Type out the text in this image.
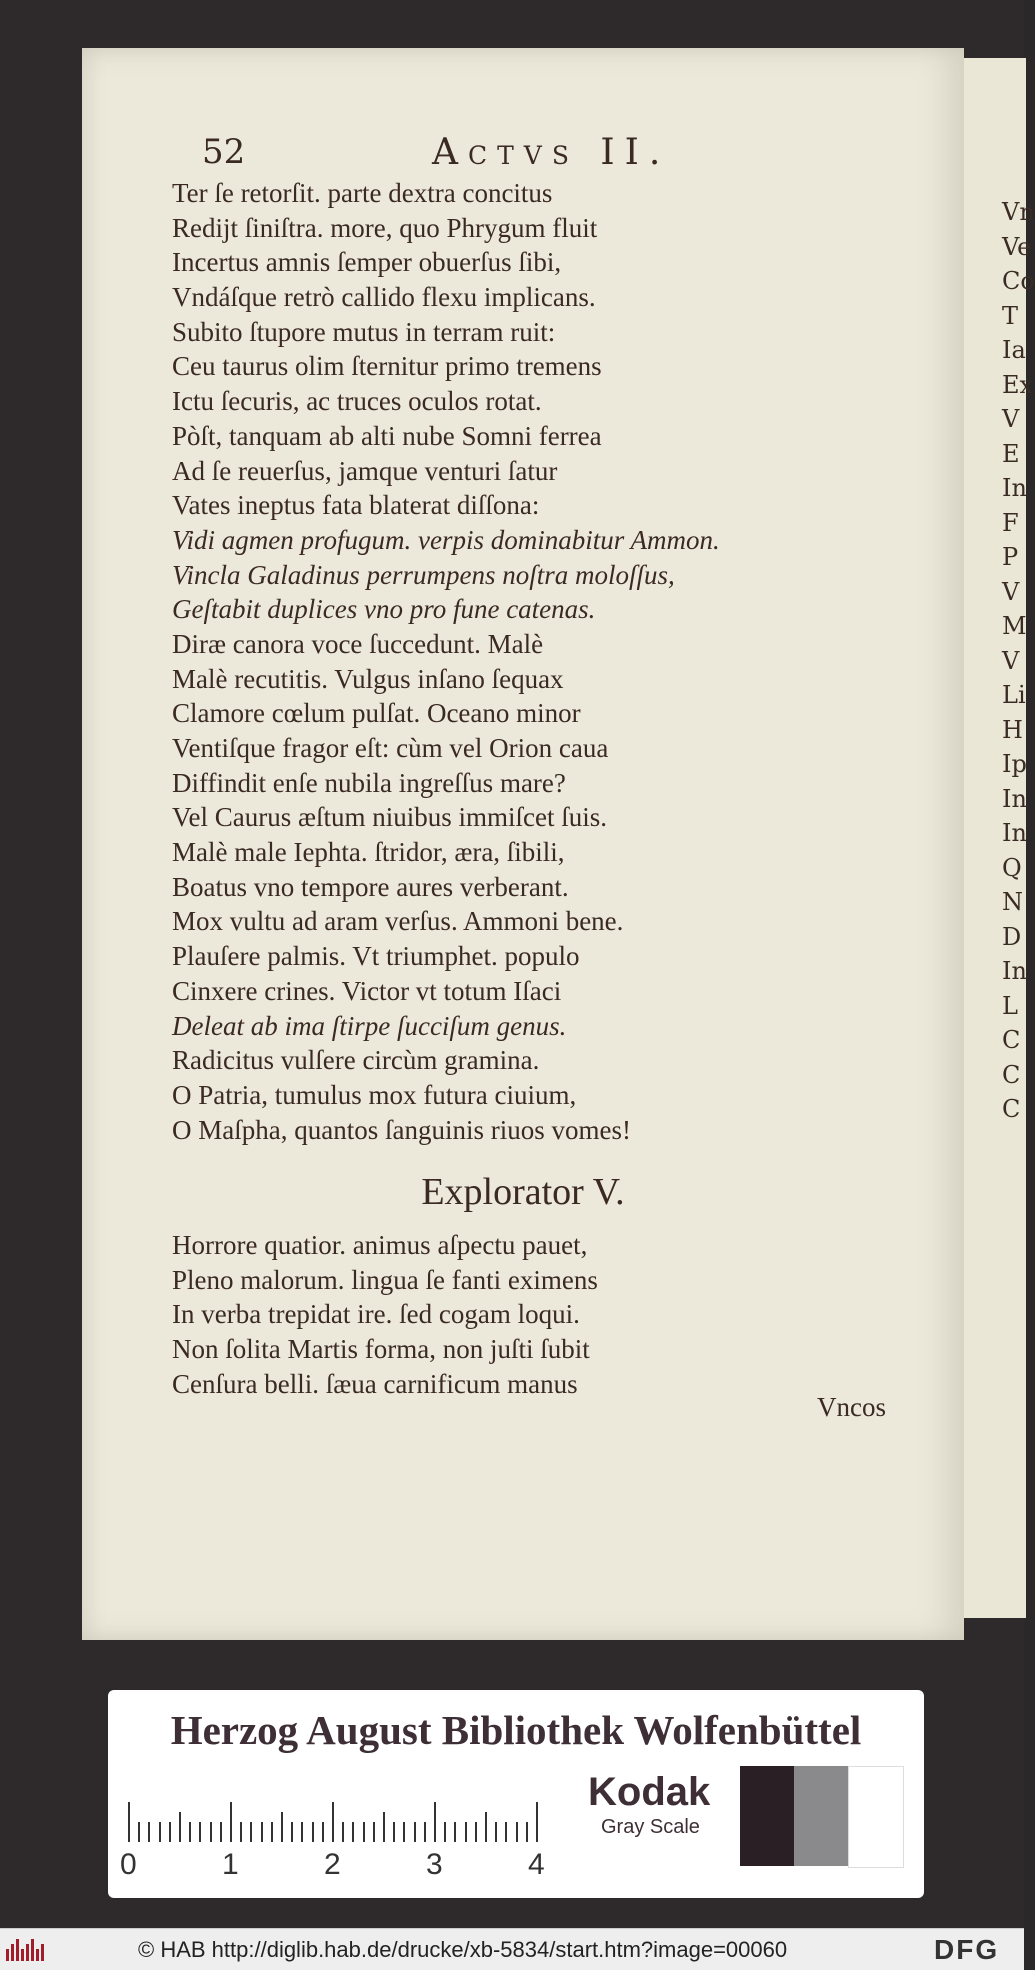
Vn
Ve
Co
T
Ia
Ex
V
E
In
F
P
V
M
V
Li
H
Ip
In
In
Q
N
D
In
L
C
C
C
52	Actvs II.
Ter ſe retorſit. parte dextra concitus
Redijt ſiniſtra. more, quo Phrygum fluit
Incertus amnis ſemper obuerſus ſibi,
Vndáſque retrò callido flexu implicans.
Subito ſtupore mutus in terram ruit:
Ceu taurus olim ſternitur primo tremens
Ictu ſecuris, ac truces oculos rotat.
Pòſt, tanquam ab alti nube Somni ferrea
Ad ſe reuerſus, jamque venturi ſatur
Vates ineptus fata blaterat diſſona:
Vidi agmen profugum. verpis dominabitur Ammon.
Vincla Galadinus perrumpens noſtra moloſſus,
Geſtabit duplices vno pro fune catenas.
Diræ canora voce ſuccedunt. Malè
Malè recutitis. Vulgus inſano ſequax
Clamore cœlum pulſat. Oceano minor
Ventiſque fragor eſt: cùm vel Orion caua
Diffindit enſe nubila ingreſſus mare?
Vel Caurus æſtum niuibus immiſcet ſuis.
Malè male Iephta. ſtridor, æra, ſibili,
Boatus vno tempore aures verberant.
Mox vultu ad aram verſus. Ammoni bene.
Plauſere palmis. Vt triumphet. populo
Cinxere crines. Victor vt totum Iſaci
Deleat ab ima ſtirpe ſucciſum genus.
Radicitus vulſere circùm gramina.
O Patria, tumulus mox futura ciuium,
O Maſpha, quantos ſanguinis riuos vomes!
Explorator V.
Horrore quatior. animus aſpectu pauet,
Pleno malorum. lingua ſe fanti eximens
In verba trepidat ire. ſed cogam loqui.
Non ſolita Martis forma, non juſti ſubit
Cenſura belli. ſæua carnificum manus
Vncos
Herzog August Bibliothek Wolfenbüttel
0	1	2	3	4
Kodak
Gray Scale
© HAB http://diglib.hab.de/drucke/xb-5834/start.htm?image=00060	DFG
